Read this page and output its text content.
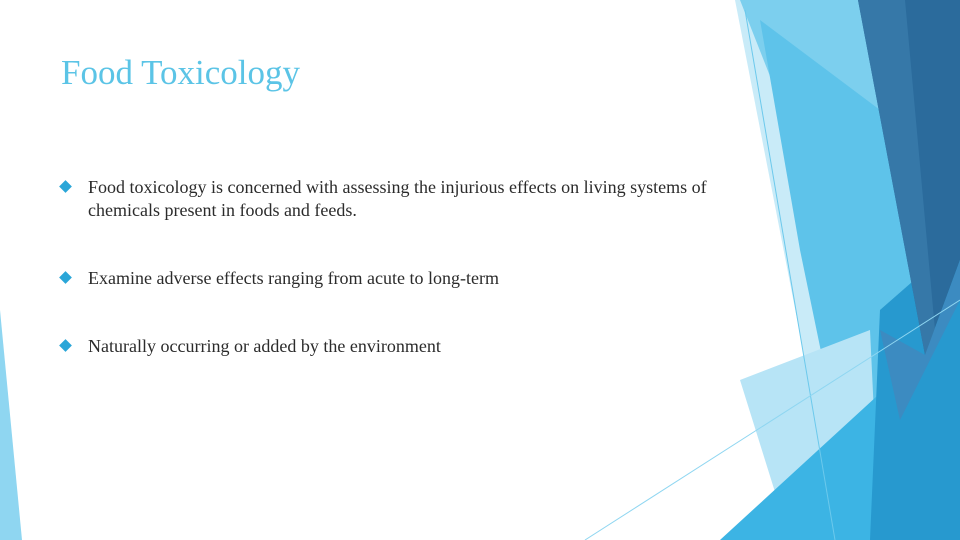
Food Toxicology
Food toxicology is concerned with assessing the injurious effects on living systems of chemicals present in foods and feeds.
Examine adverse effects ranging from acute to long-term
Naturally occurring or added by the environment
